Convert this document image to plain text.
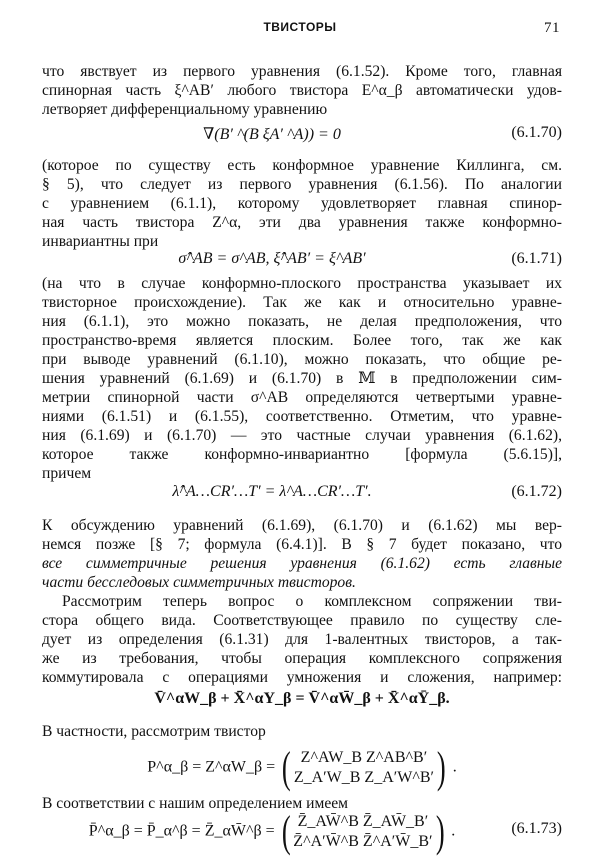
ТВИСТОРЫ	71
что явствует из первого уравнения (6.1.52). Кроме того, главная
спинорная часть ξ^AB′ любого твистора E^α_β автоматически удов-
летворяет дифференциальному уравнению
∇(B′ ^(B ξA′ ^A)) = 0	(6.1.70)
(которое по существу есть конформное уравнение Киллинга, см.
§ 5), что следует из первого уравнения (6.1.56). По аналогии
с уравнением (6.1.1), которому удовлетворяет главная спинор-
ная часть твистора Z^α, эти два уравнения также конформно-
инвариантны при
σ̂^AB = σ^AB, ξ̂^AB′ = ξ^AB′	(6.1.71)
(на что в случае конформно-плоского пространства указывает их
твисторное происхождение). Так же как и относительно уравне-
ния (6.1.1), это можно показать, не делая предположения, что
пространство-время является плоским. Более того, так же как
при выводе уравнений (6.1.10), можно показать, что общие ре-
шения уравнений (6.1.69) и (6.1.70) в 𝕄 в предположении сим-
метрии спинорной части σ^AB определяются четвертыми уравне-
ниями (6.1.51) и (6.1.55), соответственно. Отметим, что уравне-
ния (6.1.69) и (6.1.70) — это частные случаи уравнения (6.1.62),
которое также конформно-инвариантно [формула (5.6.15)],
причем
λ̂^A…CR′…T′ = λ^A…CR′…T′.	(6.1.72)
К обсуждению уравнений (6.1.69), (6.1.70) и (6.1.62) мы вер-
немся позже [§ 7; формула (6.4.1)]. В § 7 будет показано, что
все симметричные решения уравнения (6.1.62) есть главные
части бесследовых симметричных твисторов.
Рассмотрим теперь вопрос о комплексном сопряжении тви-
стора общего вида. Соответствующее правило по существу сле-
дует из определения (6.1.31) для 1-валентных твисторов, а так-
же из требования, чтобы операция комплексного сопряжения
коммутировала с операциями умножения и сложения, например:
V̄^αW_β + X̄^αY_β = V̄^αW̄_β + X̄^αȲ_β.
В частности, рассмотрим твистор
P^α_β = Z^αW_β = ( Z^AW_B Z^AB^B′
Z_A′W_B Z_A′W^B′ ) .
В соответствии с нашим определением имеем
P̄^α_β = P̄_α^β = Z̄_αW̄^β = ( Z̄_AW̄^B Z̄_AW̄_B′
Z̄^A′W̄^B Z̄^A′W̄_B′ ) .	(6.1.73)
